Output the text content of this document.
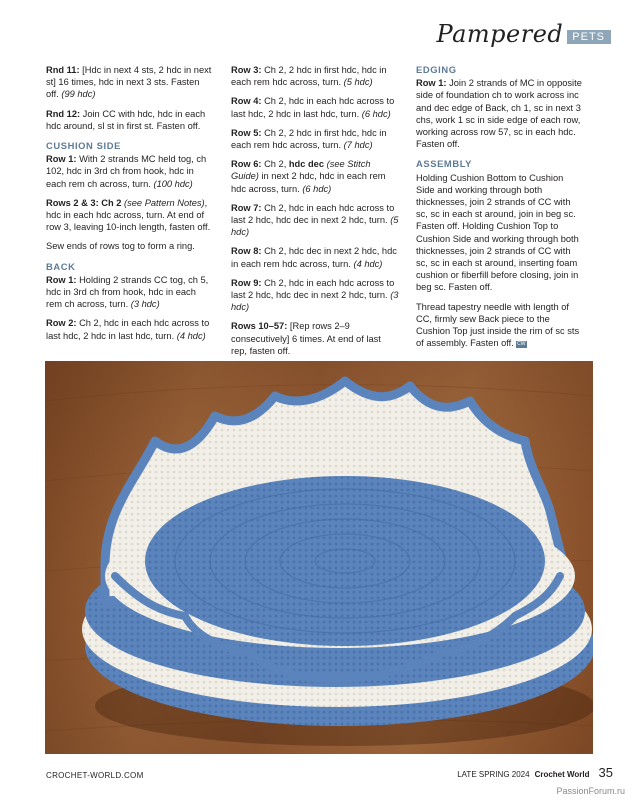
Pampered PETS

Rnd 11: [Hdc in next 4 sts, 2 hdc in next st] 16 times, hdc in next 3 sts. Fasten off. (99 hdc)

Rnd 12: Join CC with hdc, hdc in each hdc around, sl st in first st. Fasten off.

CUSHION SIDE

Row 1: With 2 strands MC held tog, ch 102, hdc in 3rd ch from hook, hdc in each rem ch across, turn. (100 hdc)

Rows 2 & 3: Ch 2 (see Pattern Notes), hdc in each hdc across, turn. At end of row 3, leaving 10-inch length, fasten off.

Sew ends of rows tog to form a ring.

BACK

Row 1: Holding 2 strands CC tog, ch 5, hdc in 3rd ch from hook, hdc in each rem ch across, turn. (3 hdc)

Row 2: Ch 2, hdc in each hdc across to last hdc, 2 hdc in last hdc, turn. (4 hdc)

Row 3: Ch 2, 2 hdc in first hdc, hdc in each rem hdc across, turn. (5 hdc)

Row 4: Ch 2, hdc in each hdc across to last hdc, 2 hdc in last hdc, turn. (6 hdc)

Row 5: Ch 2, 2 hdc in first hdc, hdc in each rem hdc across, turn. (7 hdc)

Row 6: Ch 2, hdc dec (see Stitch Guide) in next 2 hdc, hdc in each rem hdc across, turn. (6 hdc)

Row 7: Ch 2, hdc in each hdc across to last 2 hdc, hdc dec in next 2 hdc, turn. (5 hdc)

Row 8: Ch 2, hdc dec in next 2 hdc, hdc in each rem hdc across, turn. (4 hdc)

Row 9: Ch 2, hdc in each hdc across to last 2 hdc, hdc dec in next 2 hdc, turn. (3 hdc)

Rows 10–57: [Rep rows 2–9 consecutively] 6 times. At end of last rep, fasten off.

EDGING

Row 1: Join 2 strands of MC in opposite side of foundation ch to work across inc and dec edge of Back, ch 1, sc in next 3 chs, work 1 sc in side edge of each row, working across row 57, sc in each hdc. Fasten off.

ASSEMBLY

Holding Cushion Bottom to Cushion Side and working through both thicknesses, join 2 strands of CC with sc, sc in each st around, join in beg sc. Fasten off. Holding Cushion Top to Cushion Side and working through both thicknesses, join 2 strands of CC with sc, sc in each st around, inserting foam cushion or fiberfill before closing, join in beg sc. Fasten off.

Thread tapestry needle with length of CC, firmly sew Back piece to the Cushion Top just inside the rim of sc sts of assembly. Fasten off. CW

CROCHET-WORLD.COM	LATE SPRING 2024 Crochet World 35
PassionForum.ru
